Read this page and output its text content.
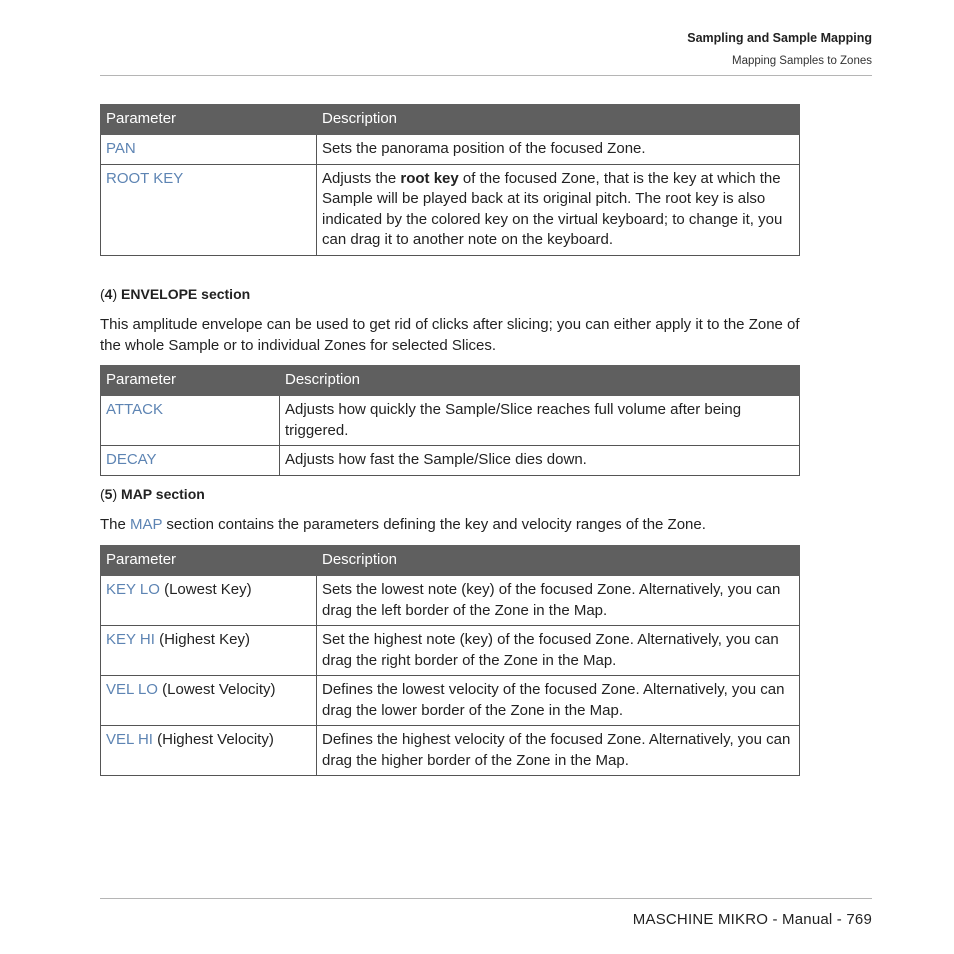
Sampling and Sample Mapping
Mapping Samples to Zones
Parameter	Description
PAN	Sets the panorama position of the focused Zone.
ROOT KEY	Adjusts the root key of the focused Zone, that is the key at which the Sample will be played back at its original pitch. The root key is also indicated by the colored key on the virtual keyboard; to change it, you can drag it to another note on the keyboard.
(4) ENVELOPE section
This amplitude envelope can be used to get rid of clicks after slicing; you can either apply it to the Zone of the whole Sample or to individual Zones for selected Slices.
Parameter	Description
ATTACK	Adjusts how quickly the Sample/Slice reaches full volume after being triggered.
DECAY	Adjusts how fast the Sample/Slice dies down.
(5) MAP section
The MAP section contains the parameters defining the key and velocity ranges of the Zone.
Parameter	Description
KEY LO (Lowest Key)	Sets the lowest note (key) of the focused Zone. Alternatively, you can drag the left border of the Zone in the Map.
KEY HI (Highest Key)	Set the highest note (key) of the focused Zone. Alternatively, you can drag the right border of the Zone in the Map.
VEL LO (Lowest Velocity)	Defines the lowest velocity of the focused Zone. Alternatively, you can drag the lower border of the Zone in the Map.
VEL HI (Highest Velocity)	Defines the highest velocity of the focused Zone. Alternatively, you can drag the higher border of the Zone in the Map.
MASCHINE MIKRO - Manual - 769
